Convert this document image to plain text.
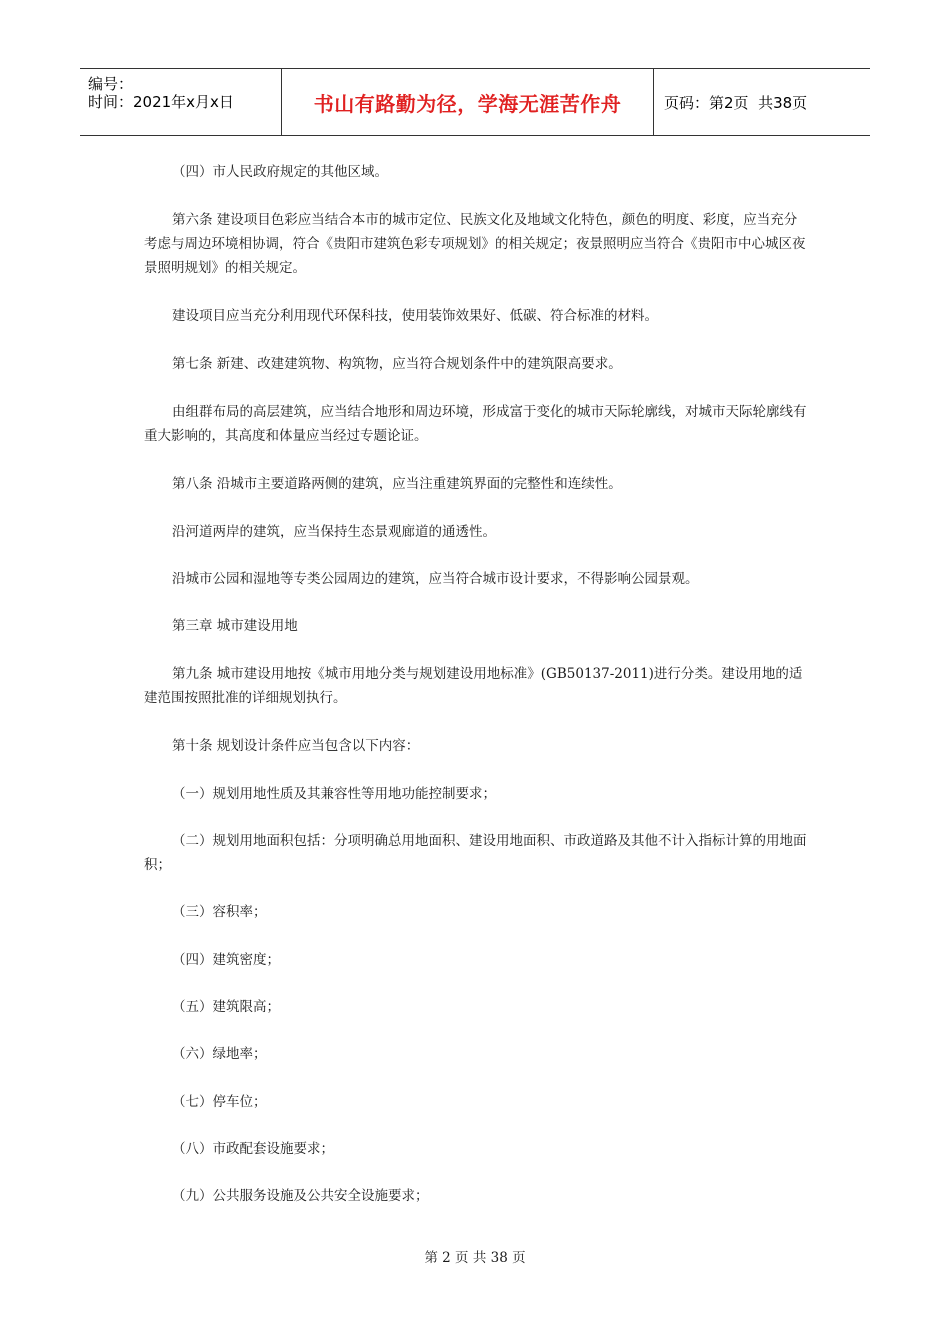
编号：
时间：2021年x月x日	书山有路勤为径，学海无涯苦作舟	页码：第2页  共38页

（四）市人民政府规定的其他区域。

第六条 建设项目色彩应当结合本市的城市定位、民族文化及地域文化特色，颜色的明度、彩度，应当充分考虑与周边环境相协调，符合《贵阳市建筑色彩专项规划》的相关规定；夜景照明应当符合《贵阳市中心城区夜景照明规划》的相关规定。

建设项目应当充分利用现代环保科技，使用装饰效果好、低碳、符合标准的材料。

第七条 新建、改建建筑物、构筑物，应当符合规划条件中的建筑限高要求。

由组群布局的高层建筑，应当结合地形和周边环境，形成富于变化的城市天际轮廓线，对城市天际轮廓线有重大影响的，其高度和体量应当经过专题论证。

第八条 沿城市主要道路两侧的建筑，应当注重建筑界面的完整性和连续性。

沿河道两岸的建筑，应当保持生态景观廊道的通透性。

沿城市公园和湿地等专类公园周边的建筑，应当符合城市设计要求，不得影响公园景观。

第三章 城市建设用地

第九条 城市建设用地按《城市用地分类与规划建设用地标准》(GB50137-2011)进行分类。建设用地的适建范围按照批准的详细规划执行。

第十条 规划设计条件应当包含以下内容：

（一）规划用地性质及其兼容性等用地功能控制要求；

（二）规划用地面积包括：分项明确总用地面积、建设用地面积、市政道路及其他不计入指标计算的用地面积；

（三）容积率；

（四）建筑密度；

（五）建筑限高；

（六）绿地率；

（七）停车位；

（八）市政配套设施要求；

（九）公共服务设施及公共安全设施要求；

第 2 页 共 38 页
